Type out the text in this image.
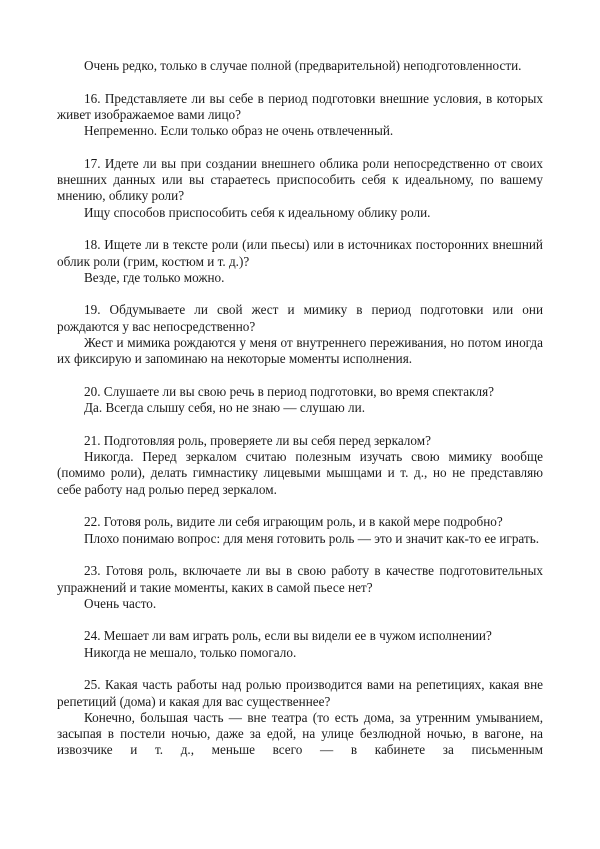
Очень редко, только в случае полной (предварительной) неподготовленности.

16. Представляете ли вы себе в период подготовки внешние условия, в которых живет изображаемое вами лицо?

Непременно. Если только образ не очень отвлеченный.

17. Идете ли вы при создании внешнего облика роли непосредственно от своих внешних данных или вы стараетесь приспособить себя к идеальному, по вашему мнению, облику роли?

Ищу способов приспособить себя к идеальному облику роли.

18. Ищете ли в тексте роли (или пьесы) или в источниках посторонних внешний облик роли (грим, костюм и т. д.)?

Везде, где только можно.

19. Обдумываете ли свой жест и мимику в период подготовки или они рождаются у вас непосредственно?

Жест и мимика рождаются у меня от внутреннего переживания, но потом иногда их фиксирую и запоминаю на некоторые моменты исполнения.

20. Слушаете ли вы свою речь в период подготовки, во время спектакля?

Да. Всегда слышу себя, но не знаю — слушаю ли.

21. Подготовляя роль, проверяете ли вы себя перед зеркалом?

Никогда. Перед зеркалом считаю полезным изучать свою мимику вообще (помимо роли), делать гимнастику лицевыми мышцами и т. д., но не представляю себе работу над ролью перед зеркалом.

22. Готовя роль, видите ли себя играющим роль, и в какой мере подробно?

Плохо понимаю вопрос: для меня готовить роль — это и значит как-то ее играть.

23. Готовя роль, включаете ли вы в свою работу в качестве подготовительных упражнений и такие моменты, каких в самой пьесе нет?

Очень часто.

24. Мешает ли вам играть роль, если вы видели ее в чужом исполнении?

Никогда не мешало, только помогало.

25. Какая часть работы над ролью производится вами на репетициях, какая вне репетиций (дома) и какая для вас существеннее?

Конечно, большая часть — вне театра (то есть дома, за утренним умыванием, засыпая в постели ночью, даже за едой, на улице безлюдной ночью, в вагоне, на извозчике и т. д., меньше всего — в кабинете за письменным
